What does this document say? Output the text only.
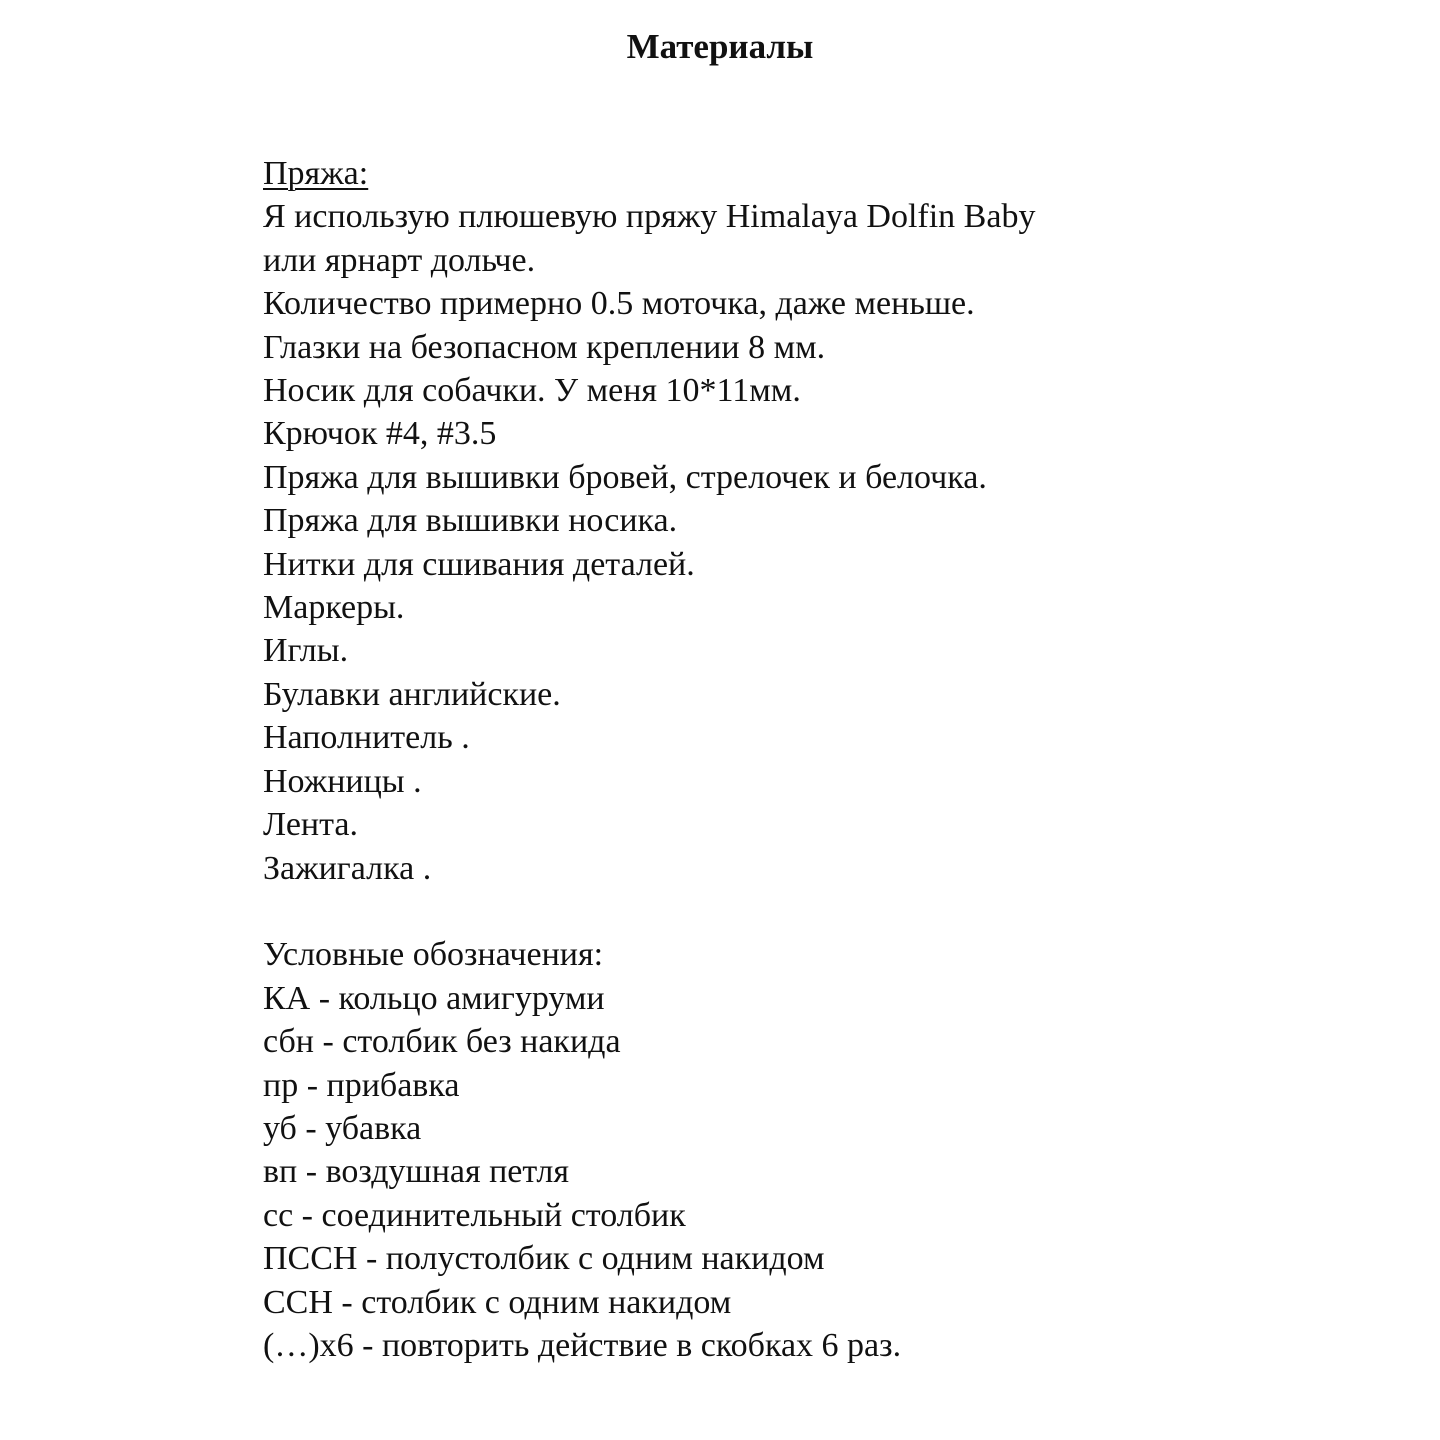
Материалы
Пряжа:
Я использую плюшевую пряжу Himalaya Dolfin Baby
или ярнарт дольче.
Количество примерно 0.5 моточка, даже меньше.
Глазки на безопасном креплении 8 мм.
Носик для собачки. У меня 10*11мм.
Крючок #4, #3.5
Пряжа для вышивки бровей, стрелочек и белочка.
Пряжа для вышивки носика.
Нитки для сшивания деталей.
Маркеры.
Иглы.
Булавки английские.
Наполнитель .
Ножницы .
Лента.
Зажигалка .
Условные обозначения:
КА - кольцо амигуруми
сбн - столбик без накида
пр - прибавка
уб - убавка
вп - воздушная петля
сс - соединительный столбик
ПССН - полустолбик с одним накидом
ССН - столбик с одним накидом
(…)х6 - повторить действие в скобках 6 раз.
